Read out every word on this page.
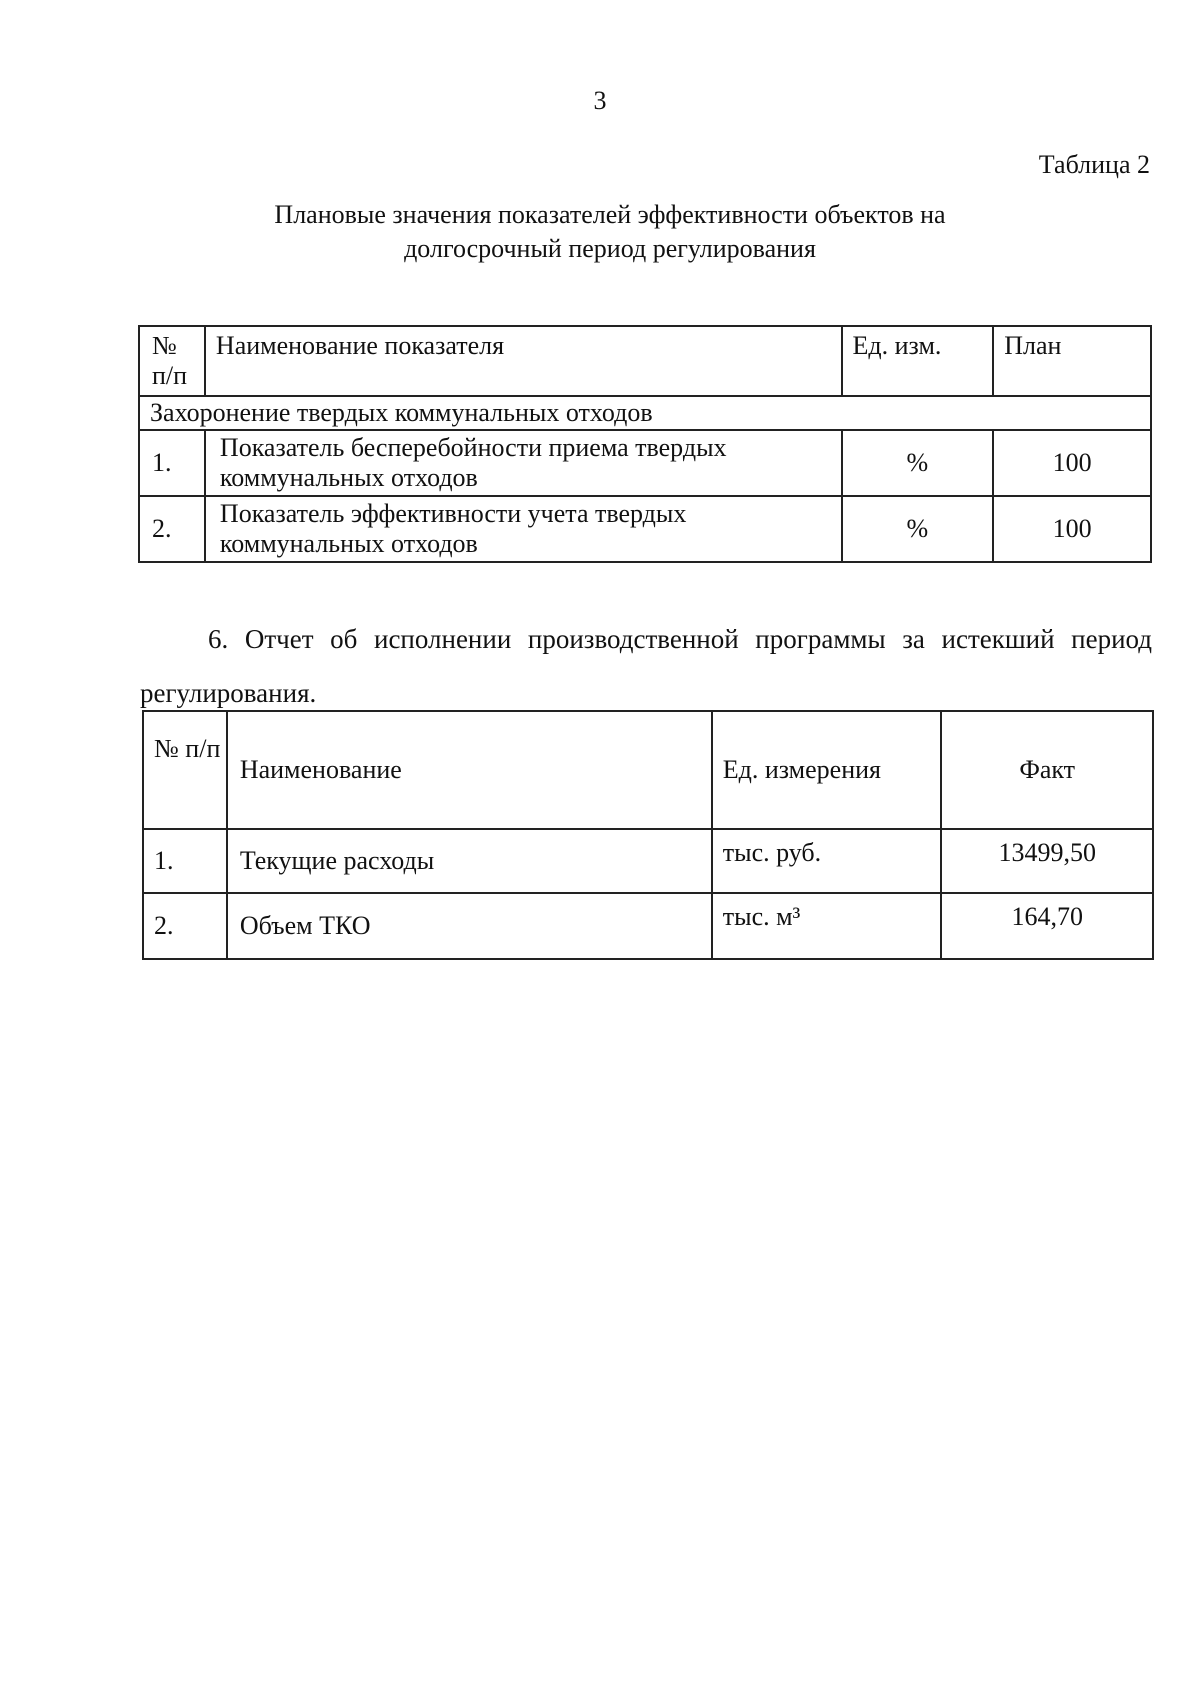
3
Таблица 2
Плановые значения показателей эффективности объектов на
долгосрочный период регулирования
№ п/п	Наименование показателя	Ед. изм.	План
Захоронение твердых коммунальных отходов			
1.	Показатель бесперебойности приема твердых коммунальных отходов	%	100
2.	Показатель эффективности учета твердых коммунальных отходов	%	100
6. Отчет об исполнении производственной программы за истекший период регулирования.
№ п/п	Наименование	Ед. измерения	Факт
1.	Текущие расходы	тыс. руб.	13499,50
2.	Объем ТКО	тыс. м³	164,70
